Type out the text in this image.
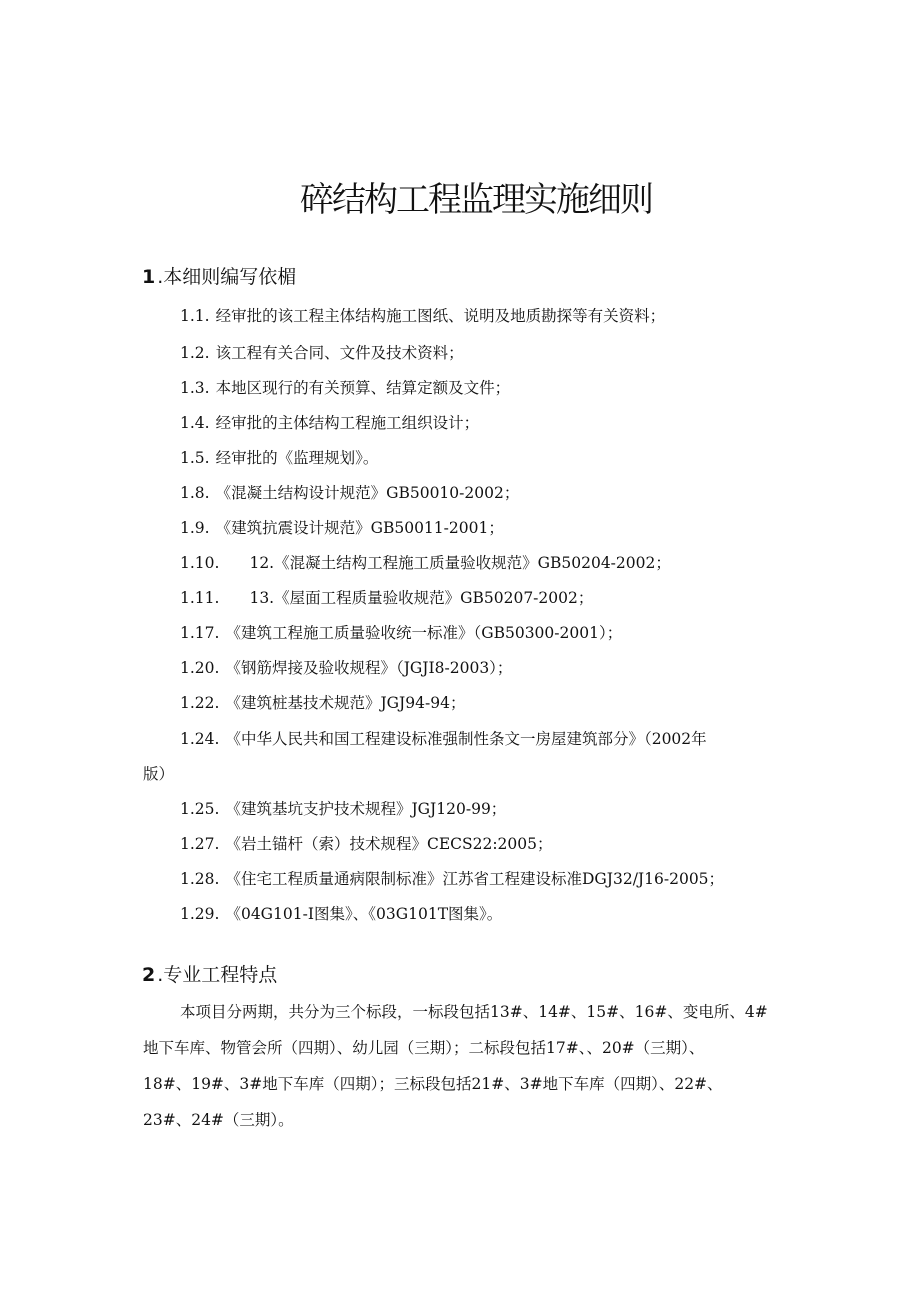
碎结构工程监理实施细则
1 .本细则编写依楣

1.1. 经审批的该工程主体结构施工图纸、说明及地质勘探等有关资料；

1.2. 该工程有关合同、文件及技术资料；

1.3. 本地区现行的有关预算、结算定额及文件；

1.4. 经审批的主体结构工程施工组织设计；

1.5. 经审批的《监理规划》。

1.8. 《混凝土结构设计规范》GB50010-2002；

1.9. 《建筑抗震设计规范》GB50011-2001；

1.10. 12.《混凝土结构工程施工质量验收规范》GB50204-2002；

1.11. 13.《屋面工程质量验收规范》GB50207-2002；

1.17. 《建筑工程施工质量验收统一标准》（GB50300-2001）；

1.20. 《钢筋焊接及验收规程》（JGJI8-2003）；

1.22. 《建筑桩基技术规范》JGJ94-94；

1.24. 《中华人民共和国工程建设标准强制性条文一房屋建筑部分》（2002年

版）

1.25. 《建筑基坑支护技术规程》JGJ120-99；

1.27. 《岩土锚杆（索）技术规程》CECS22:2005；

1.28. 《住宅工程质量通病限制标准》江苏省工程建设标准DGJ32/J16-2005；

1.29. 《04G101-I图集》、《03G101T图集》。

2 .专业工程特点

本项目分两期，共分为三个标段，一标段包括13#、14#、15#、16#、变电所、4#

地下车库、物管会所（四期）、幼儿园（三期）；二标段包括17#、、20#（三期）、

18#、19#、3#地下车库（四期）；三标段包括21#、3#地下车库（四期）、22#、

23#、24#（三期）。
